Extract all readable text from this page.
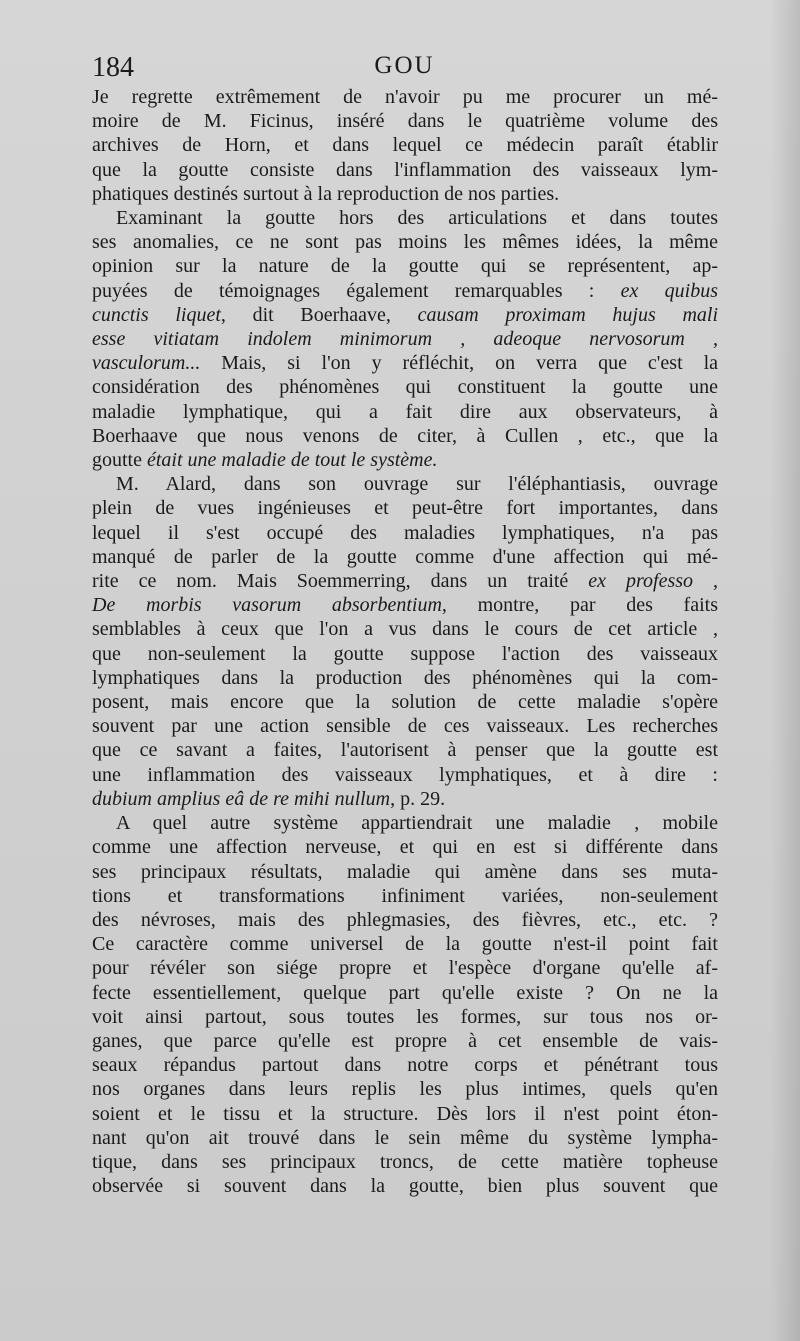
184	GOU
Je regrette extrêmement de n'avoir pu me procurer un mé-
moire de M. Ficinus, inséré dans le quatrième volume des
archives de Horn, et dans lequel ce médecin paraît établir
que la goutte consiste dans l'inflammation des vaisseaux lym-
phatiques destinés surtout à la reproduction de nos parties.
Examinant la goutte hors des articulations et dans toutes
ses anomalies, ce ne sont pas moins les mêmes idées, la même
opinion sur la nature de la goutte qui se représentent, ap-
puyées de témoignages également remarquables : ex quibus
cunctis liquet, dit Boerhaave, causam proximam hujus mali
esse vitiatam indolem minimorum , adeoque nervosorum ,
vasculorum... Mais, si l'on y réfléchit, on verra que c'est la
considération des phénomènes qui constituent la goutte une
maladie lymphatique, qui a fait dire aux observateurs, à
Boerhaave que nous venons de citer, à Cullen , etc., que la
goutte était une maladie de tout le système.
M. Alard, dans son ouvrage sur l'éléphantiasis, ouvrage
plein de vues ingénieuses et peut-être fort importantes, dans
lequel il s'est occupé des maladies lymphatiques, n'a pas
manqué de parler de la goutte comme d'une affection qui mé-
rite ce nom. Mais Soemmerring, dans un traité ex professo ,
De morbis vasorum absorbentium, montre, par des faits
semblables à ceux que l'on a vus dans le cours de cet article ,
que non-seulement la goutte suppose l'action des vaisseaux
lymphatiques dans la production des phénomènes qui la com-
posent, mais encore que la solution de cette maladie s'opère
souvent par une action sensible de ces vaisseaux. Les recherches
que ce savant a faites, l'autorisent à penser que la goutte est
une inflammation des vaisseaux lymphatiques, et à dire :
dubium amplius eâ de re mihi nullum, p. 29.
A quel autre système appartiendrait une maladie , mobile
comme une affection nerveuse, et qui en est si différente dans
ses principaux résultats, maladie qui amène dans ses muta-
tions et transformations infiniment variées, non-seulement
des névroses, mais des phlegmasies, des fièvres, etc., etc. ?
Ce caractère comme universel de la goutte n'est-il point fait
pour révéler son siége propre et l'espèce d'organe qu'elle af-
fecte essentiellement, quelque part qu'elle existe ? On ne la
voit ainsi partout, sous toutes les formes, sur tous nos or-
ganes, que parce qu'elle est propre à cet ensemble de vais-
seaux répandus partout dans notre corps et pénétrant tous
nos organes dans leurs replis les plus intimes, quels qu'en
soient et le tissu et la structure. Dès lors il n'est point éton-
nant qu'on ait trouvé dans le sein même du système lympha-
tique, dans ses principaux troncs, de cette matière topheuse
observée si souvent dans la goutte, bien plus souvent que
